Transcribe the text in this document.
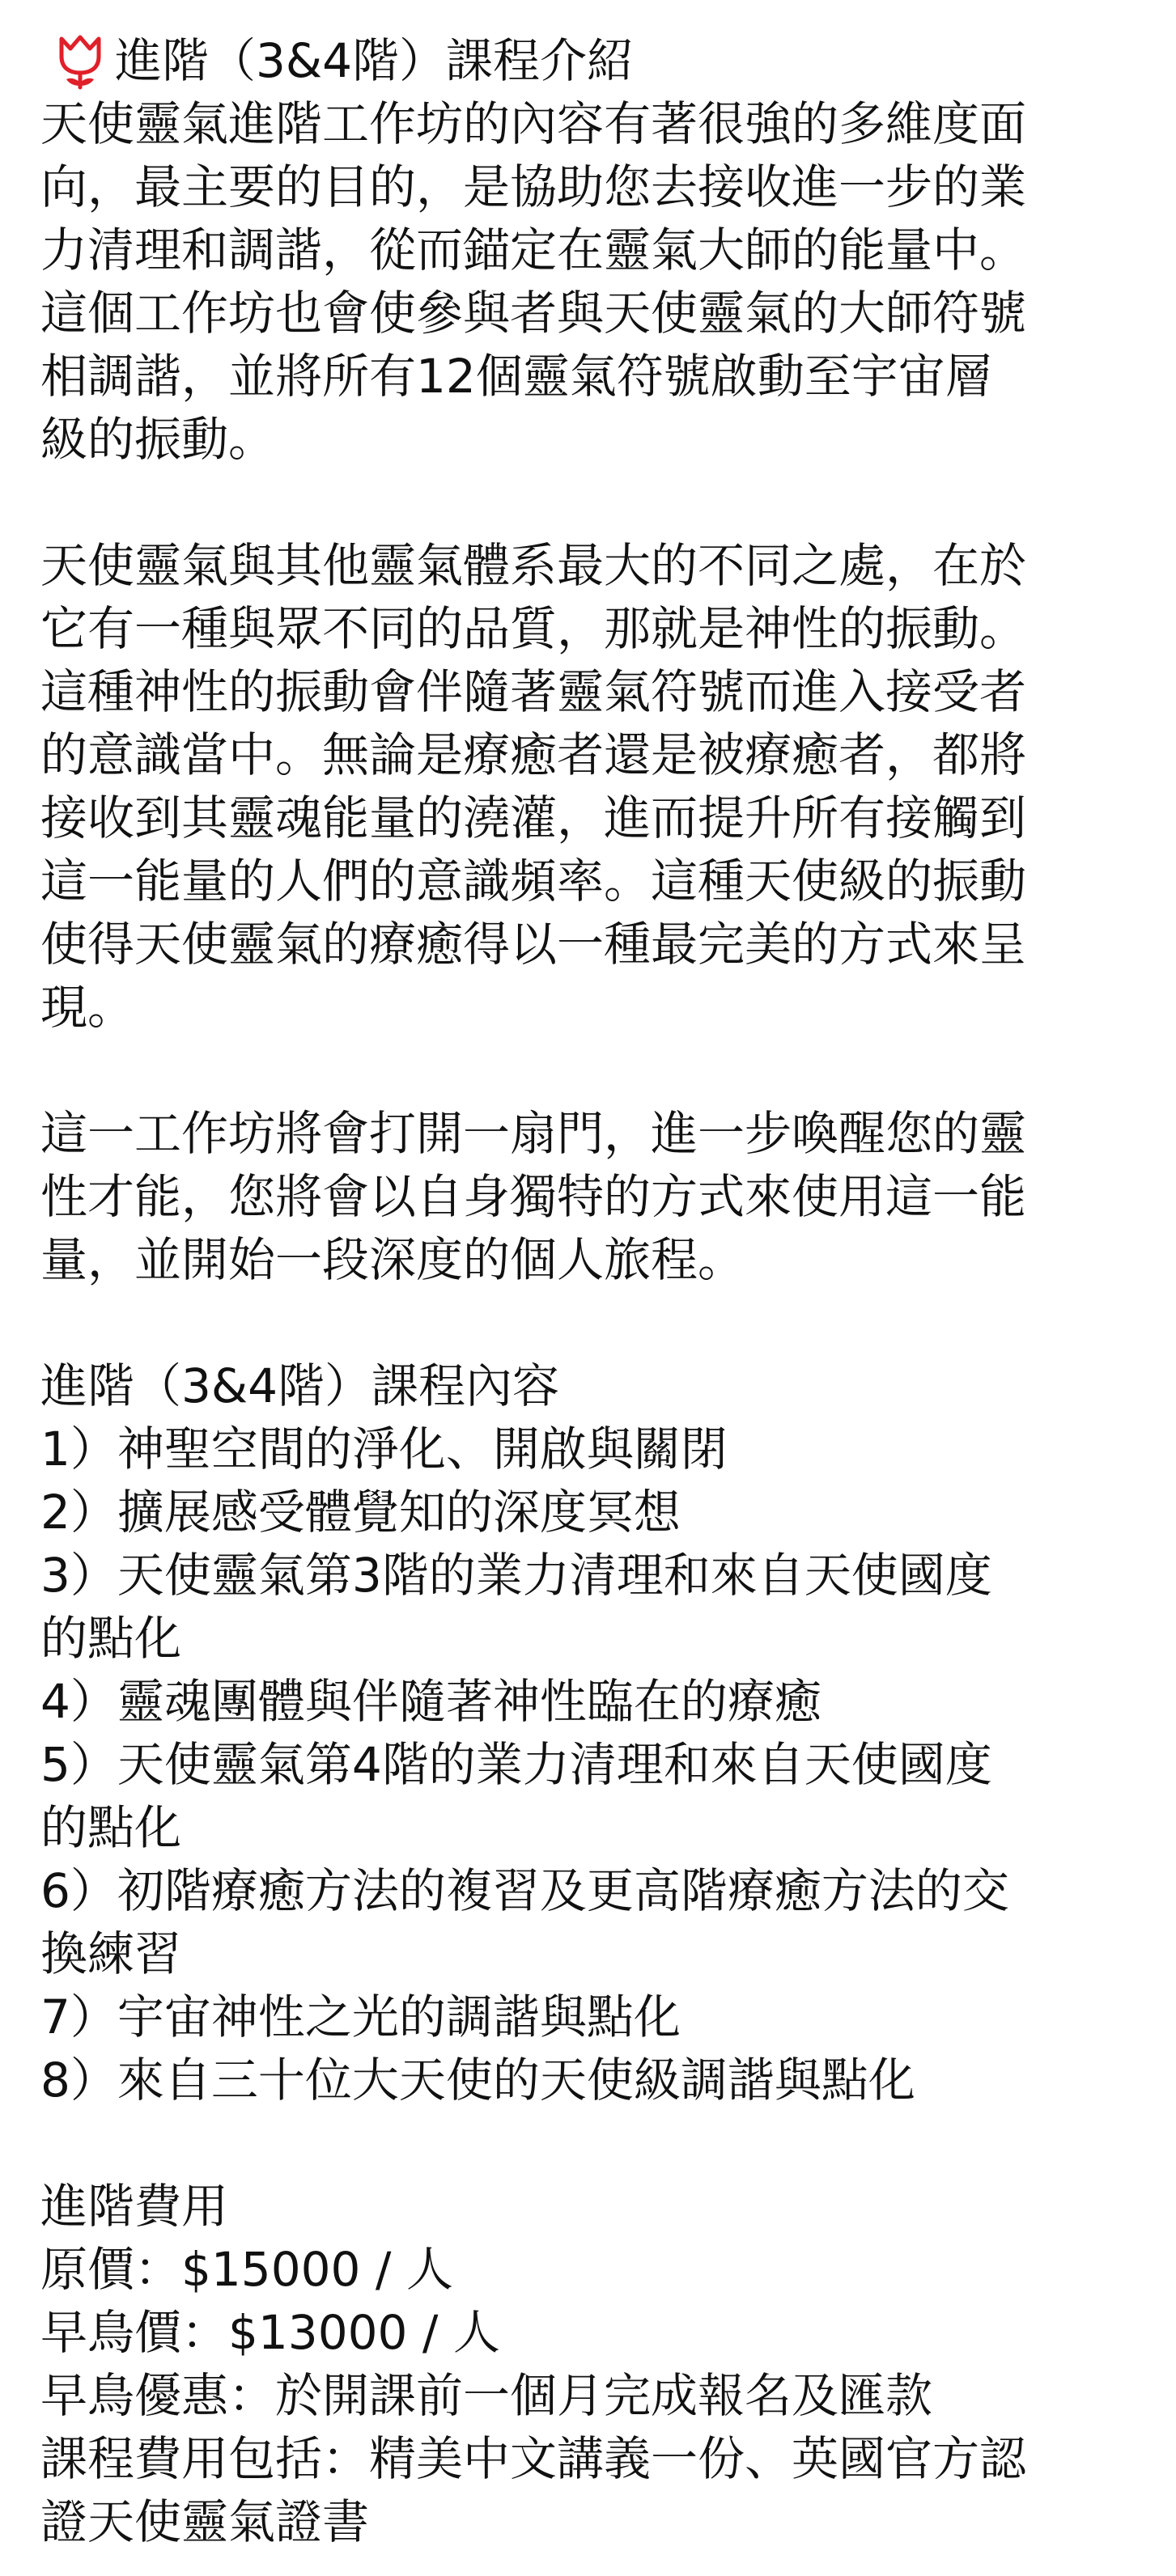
進階（3&4階）課程介紹
天使靈氣進階工作坊的內容有著很強的多維度面
向，最主要的目的，是協助您去接收進一步的業
力清理和調諧，從而錨定在靈氣大師的能量中。
這個工作坊也會使參與者與天使靈氣的大師符號
相調諧，並將所有12個靈氣符號啟動至宇宙層
級的振動。
天使靈氣與其他靈氣體系最大的不同之處，在於
它有一種與眾不同的品質，那就是神性的振動。
這種神性的振動會伴隨著靈氣符號而進入接受者
的意識當中。無論是療癒者還是被療癒者，都將
接收到其靈魂能量的澆灌，進而提升所有接觸到
這一能量的人們的意識頻率。這種天使級的振動
使得天使靈氣的療癒得以一種最完美的方式來呈
現。
這一工作坊將會打開一扇門，進一步喚醒您的靈
性才能，您將會以自身獨特的方式來使用這一能
量，並開始一段深度的個人旅程。
進階（3&4階）課程內容
1）神聖空間的淨化、開啟與關閉
2）擴展感受體覺知的深度冥想
3）天使靈氣第3階的業力清理和來自天使國度
的點化
4）靈魂團體與伴隨著神性臨在的療癒
5）天使靈氣第4階的業力清理和來自天使國度
的點化
6）初階療癒方法的複習及更高階療癒方法的交
換練習
7）宇宙神性之光的調諧與點化
8）來自三十位大天使的天使級調諧與點化
進階費用
原價：$15000 / 人
早鳥價：$13000 / 人
早鳥優惠：於開課前一個月完成報名及匯款
課程費用包括：精美中文講義一份、英國官方認
證天使靈氣證書
